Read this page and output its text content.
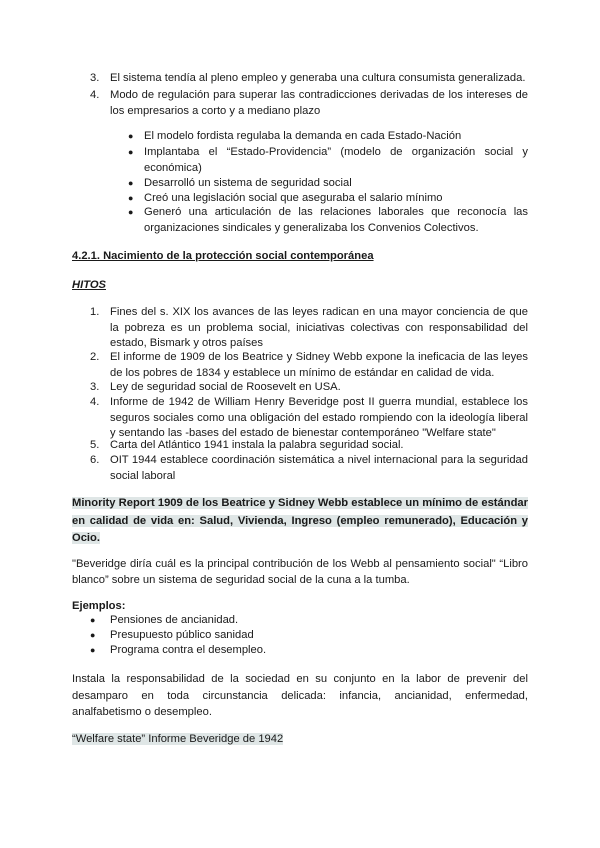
3. El sistema tendía al pleno empleo y generaba una cultura consumista generalizada.
4. Modo de regulación para superar las contradicciones derivadas de los intereses de los empresarios a corto y a mediano plazo
● El modelo fordista regulaba la demanda en cada Estado-Nación
● Implantaba el “Estado-Providencia” (modelo de organización social y económica)
● Desarrolló un sistema de seguridad social
● Creó una legislación social que aseguraba el salario mínimo
● Generó una articulación de las relaciones laborales que reconocía las organizaciones sindicales y generalizaba los Convenios Colectivos.
4.2.1. Nacimiento de la protección social contemporánea
HITOS
1. Fines del s. XIX los avances de las leyes radican en una mayor conciencia de que la pobreza es un problema social, iniciativas colectivas con responsabilidad del estado, Bismark y otros países
2. El informe de 1909 de los Beatrice y Sidney Webb expone la ineficacia de las leyes de los pobres de 1834 y establece un mínimo de estándar en calidad de vida.
3. Ley de seguridad social de Roosevelt en USA.
4. Informe de 1942 de William Henry Beveridge post II guerra mundial, establece los seguros sociales como una obligación del estado rompiendo con la ideología liberal y sentando las -bases del estado de bienestar contemporáneo "Welfare state"
5. Carta del Atlántico 1941 instala la palabra seguridad social.
6. OIT 1944 establece coordinación sistemática a nivel internacional para la seguridad social laboral
Minority Report 1909 de los Beatrice y Sidney Webb establece un mínimo de estándar en calidad de vida en: Salud, Vivienda, Ingreso (empleo remunerado), Educación y Ocio.
"Beveridge diría cuál es la principal contribución de los Webb al pensamiento social" “Libro blanco” sobre un sistema de seguridad social de la cuna a la tumba.
Ejemplos:
● Pensiones de ancianidad.
● Presupuesto público sanidad
● Programa contra el desempleo.
Instala la responsabilidad de la sociedad en su conjunto en la labor de prevenir del desamparo en toda circunstancia delicada: infancia, ancianidad, enfermedad, analfabetismo o desempleo.
“Welfare state” Informe Beveridge de 1942
